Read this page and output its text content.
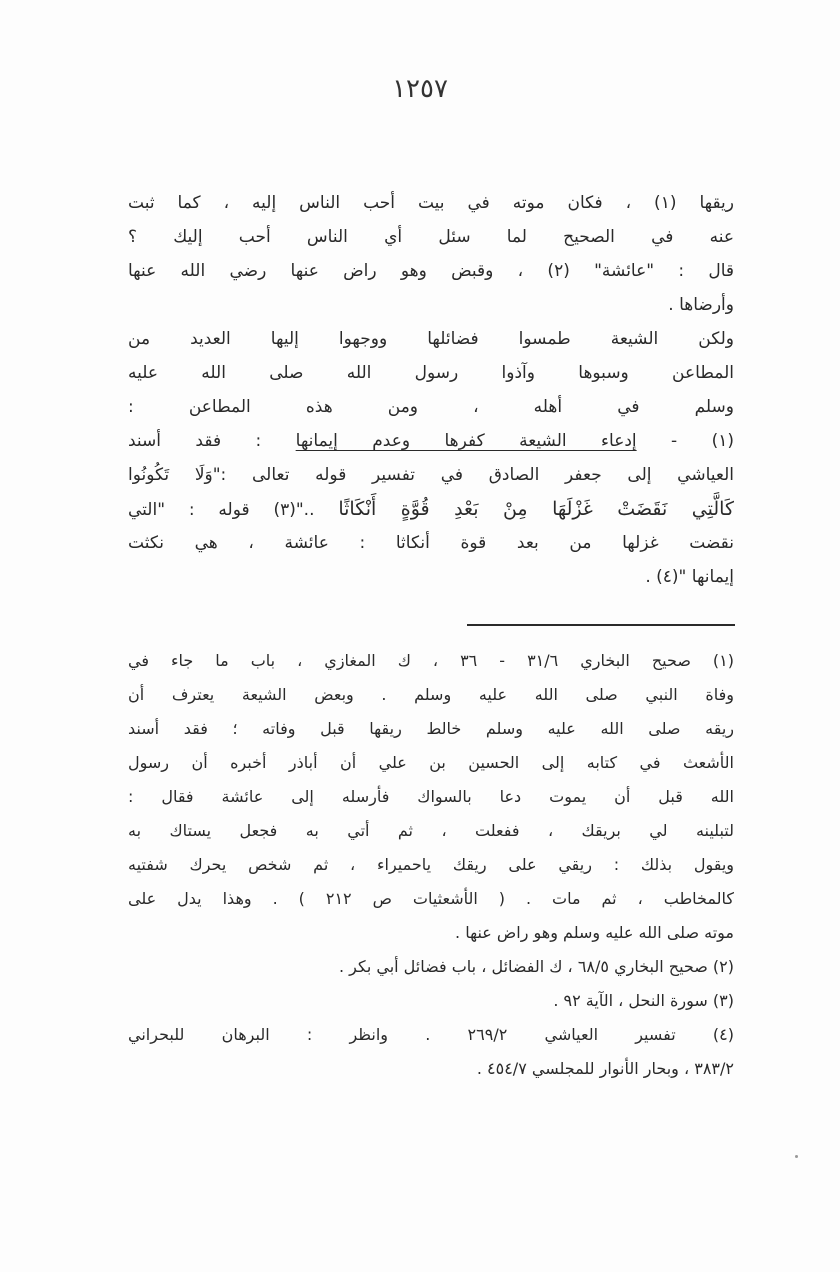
١٢٥٧
ريقها (١) ، فكان موته في بيت أحب الناس إليه ، كما ثبت
عنه في الصحيح لما سئل أي الناس أحب إليك ؟
قال : "عائشة" (٢) ، وقبض وهو راض عنها رضي الله عنها
وأرضاها .
ولكن الشيعة طمسوا فضائلها ووجهوا إليها العديد من
المطاعن وسبوها وآذوا رسول الله صلى الله عليه
وسلم في أهله ، ومن هذه المطاعن :
(١) - إدعاء الشيعة كفرها وعدم إيمانها : فقد أسند
العياشي إلى جعفر الصادق في تفسير قوله تعالى :"وَلَا تَكُونُوا
كَالَّتِي نَقَضَتْ غَزْلَهَا مِنْ بَعْدِ قُوَّةٍ أَنْكَاثًا .."(٣) قوله : "التي
نقضت غزلها من بعد قوة أنكاثا : عائشة ، هي نكثت
إيمانها "(٤) .
(١) صحيح البخاري ٣١/٦ - ٣٦ ، ك المغازي ، باب ما جاء في
وفاة النبي صلى الله عليه وسلم . وبعض الشيعة يعترف أن
ريقه صلى الله عليه وسلم خالط ريقها قبل وفاته ؛ فقد أسند
الأشعث في كتابه إلى الحسين بن علي أن أباذر أخبره أن رسول
الله قبل أن يموت دعا بالسواك فأرسله إلى عائشة فقال :
لتبلينه لي بريقك ، ففعلت ، ثم أتي به فجعل يستاك به
ويقول بذلك : ريقي على ريقك ياحميراء ، ثم شخص يحرك شفتيه
كالمخاطب ، ثم مات . ( الأشعثيات ص ٢١٢ ) . وهذا يدل على
موته صلى الله عليه وسلم وهو راض عنها .
(٢) صحيح البخاري ٦٨/٥ ، ك الفضائل ، باب فضائل أبي بكر .
(٣) سورة النحل ، الآية ٩٢ .
(٤) تفسير العياشي ٢٦٩/٢ . وانظر : البرهان للبحراني
٣٨٣/٢ ، وبحار الأنوار للمجلسي ٤٥٤/٧ .
